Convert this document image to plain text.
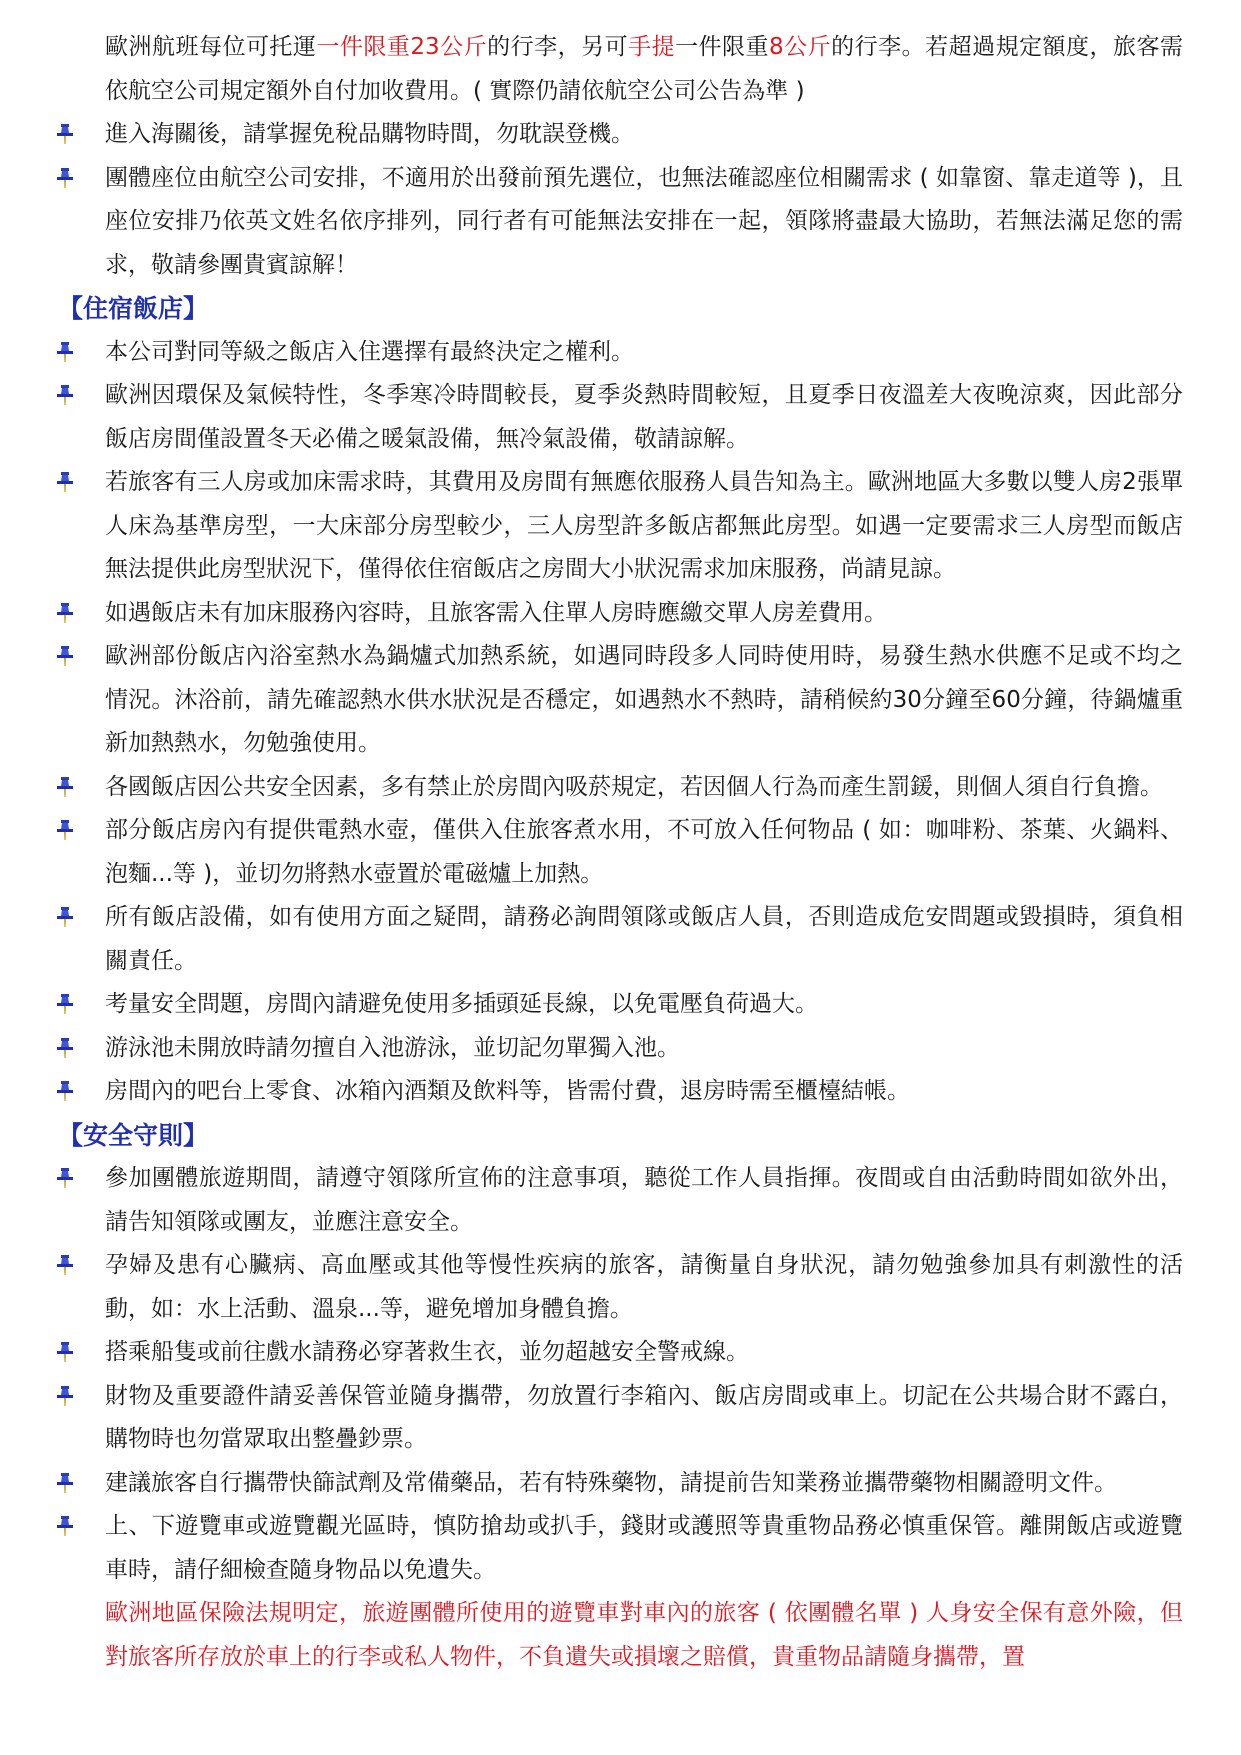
歐洲航班每位可托運一件限重23公斤的行李，另可手提一件限重8公斤的行李。若超過規定額度，旅客需依航空公司規定額外自付加收費用。( 實際仍請依航空公司公告為準 )
進入海關後，請掌握免稅品購物時間，勿耽誤登機。
團體座位由航空公司安排，不適用於出發前預先選位，也無法確認座位相關需求 ( 如靠窗、靠走道等 )，且座位安排乃依英文姓名依序排列，同行者有可能無法安排在一起，領隊將盡最大協助，若無法滿足您的需求，敬請參團貴賓諒解！
【住宿飯店】
本公司對同等級之飯店入住選擇有最終決定之權利。
歐洲因環保及氣候特性，冬季寒冷時間較長，夏季炎熱時間較短，且夏季日夜溫差大夜晚涼爽，因此部分飯店房間僅設置冬天必備之暖氣設備，無冷氣設備，敬請諒解。
若旅客有三人房或加床需求時，其費用及房間有無應依服務人員告知為主。歐洲地區大多數以雙人房2張單人床為基準房型，一大床部分房型較少，三人房型許多飯店都無此房型。如遇一定要需求三人房型而飯店無法提供此房型狀況下，僅得依住宿飯店之房間大小狀況需求加床服務，尚請見諒。
如遇飯店未有加床服務內容時，且旅客需入住單人房時應繳交單人房差費用。
歐洲部份飯店內浴室熱水為鍋爐式加熱系統，如遇同時段多人同時使用時，易發生熱水供應不足或不均之情況。沐浴前，請先確認熱水供水狀況是否穩定，如遇熱水不熱時，請稍候約30分鐘至60分鐘，待鍋爐重新加熱熱水，勿勉強使用。
各國飯店因公共安全因素，多有禁止於房間內吸菸規定，若因個人行為而產生罰鍰，則個人須自行負擔。
部分飯店房內有提供電熱水壺，僅供入住旅客煮水用，不可放入任何物品 ( 如：咖啡粉、茶葉、火鍋料、泡麵...等 )，並切勿將熱水壺置於電磁爐上加熱。
所有飯店設備，如有使用方面之疑問，請務必詢問領隊或飯店人員，否則造成危安問題或毀損時，須負相關責任。
考量安全問題，房間內請避免使用多插頭延長線，以免電壓負荷過大。
游泳池未開放時請勿擅自入池游泳，並切記勿單獨入池。
房間內的吧台上零食、冰箱內酒類及飲料等，皆需付費，退房時需至櫃檯結帳。
【安全守則】
參加團體旅遊期間，請遵守領隊所宣佈的注意事項，聽從工作人員指揮。夜間或自由活動時間如欲外出，請告知領隊或團友，並應注意安全。
孕婦及患有心臟病、高血壓或其他等慢性疾病的旅客，請衡量自身狀況，請勿勉強參加具有刺激性的活動，如：水上活動、溫泉...等，避免增加身體負擔。
搭乘船隻或前往戲水請務必穿著救生衣，並勿超越安全警戒線。
財物及重要證件請妥善保管並隨身攜帶，勿放置行李箱內、飯店房間或車上。切記在公共場合財不露白，購物時也勿當眾取出整疊鈔票。
建議旅客自行攜帶快篩試劑及常備藥品，若有特殊藥物，請提前告知業務並攜帶藥物相關證明文件。
上、下遊覽車或遊覽觀光區時，慎防搶劫或扒手，錢財或護照等貴重物品務必慎重保管。離開飯店或遊覽車時，請仔細檢查隨身物品以免遺失。
歐洲地區保險法規明定，旅遊團體所使用的遊覽車對車內的旅客 ( 依團體名單 ) 人身安全保有意外險，但對旅客所存放於車上的行李或私人物件，不負遺失或損壞之賠償，貴重物品請隨身攜帶，置
